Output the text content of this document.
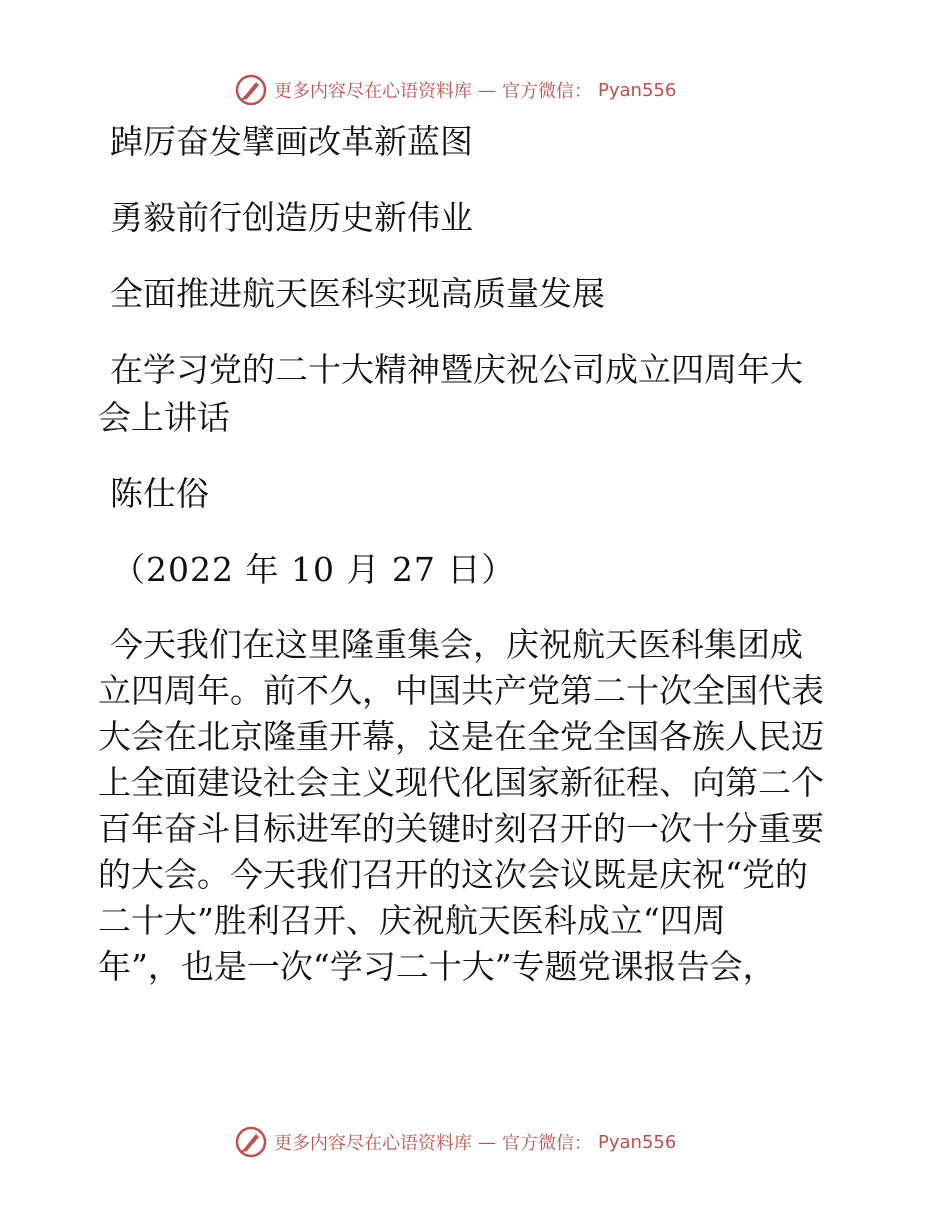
更多内容尽在心语资料库 — 官方微信： Pyan556
踔厉奋发擘画改革新蓝图
勇毅前行创造历史新伟业
全面推进航天医科实现高质量发展
在学习党的二十大精神暨庆祝公司成立四周年大
会上讲话
陈仕俗
（2022 年 10 月 27 日）
今天我们在这里隆重集会，庆祝航天医科集团成
立四周年。前不久，中国共产党第二十次全国代表
大会在北京隆重开幕，这是在全党全国各族人民迈
上全面建设社会主义现代化国家新征程、向第二个
百年奋斗目标进军的关键时刻召开的一次十分重要
的大会。今天我们召开的这次会议既是庆祝“党的
二十大”胜利召开、庆祝航天医科成立“四周
年”，也是一次“学习二十大”专题党课报告会，
更多内容尽在心语资料库 — 官方微信： Pyan556
